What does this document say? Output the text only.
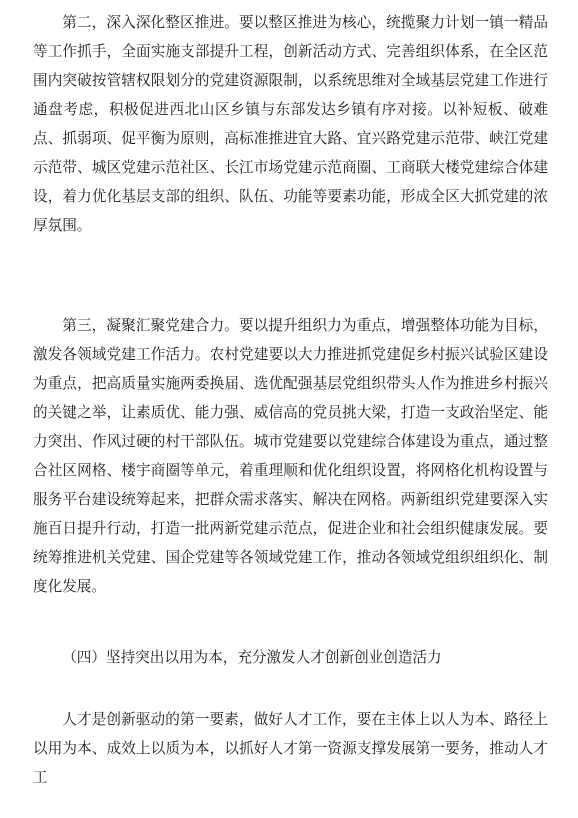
第二，深入深化整区推进。要以整区推进为核心，统揽聚力计划一镇一精品等工作抓手，全面实施支部提升工程，创新活动方式、完善组织体系，在全区范围内突破按管辖权限划分的党建资源限制，以系统思维对全域基层党建工作进行通盘考虑，积极促进西北山区乡镇与东部发达乡镇有序对接。以补短板、破难点、抓弱项、促平衡为原则，高标准推进宜大路、宜兴路党建示范带、峡江党建示范带、城区党建示范社区、长江市场党建示范商圈、工商联大楼党建综合体建设，着力优化基层支部的组织、队伍、功能等要素功能，形成全区大抓党建的浓厚氛围。

第三，凝聚汇聚党建合力。要以提升组织力为重点，增强整体功能为目标，激发各领域党建工作活力。农村党建要以大力推进抓党建促乡村振兴试验区建设为重点，把高质量实施两委换届、选优配强基层党组织带头人作为推进乡村振兴的关键之举，让素质优、能力强、威信高的党员挑大梁，打造一支政治坚定、能力突出、作风过硬的村干部队伍。城市党建要以党建综合体建设为重点，通过整合社区网格、楼宇商圈等单元，着重理顺和优化组织设置，将网格化机构设置与服务平台建设统筹起来，把群众需求落实、解决在网格。两新组织党建要深入实施百日提升行动，打造一批两新党建示范点，促进企业和社会组织健康发展。要统筹推进机关党建、国企党建等各领域党建工作，推动各领域党组织组织化、制度化发展。

（四）坚持突出以用为本，充分激发人才创新创业创造活力

人才是创新驱动的第一要素，做好人才工作，要在主体上以人为本、路径上以用为本、成效上以质为本，以抓好人才第一资源支撑发展第一要务，推动人才工
